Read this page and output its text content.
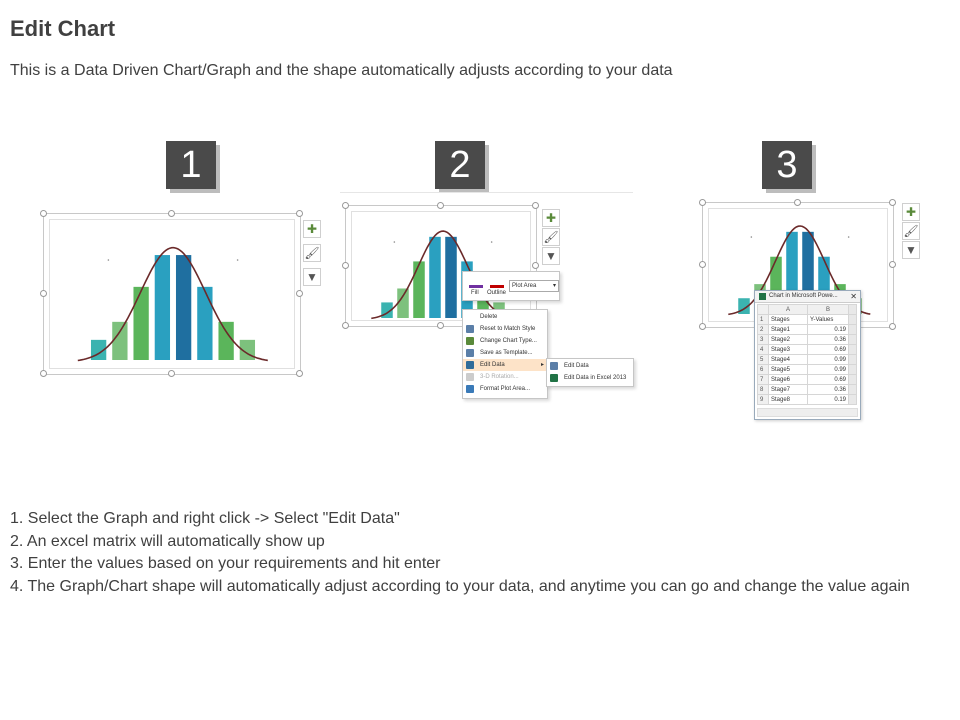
Edit Chart
This is a Data Driven Chart/Graph and the shape automatically adjusts according to your data
1
✚
🖌
▼
2
✚
🖌
▼
Fill Outline
Plot Area	▾
Delete
Reset to Match Style
Change Chart Type...
Save as Template...
Edit Data	▸
3-D Rotation...
Format Plot Area...
Edit Data
Edit Data in Excel 2013
3
✚
🖌
▼
Chart in Microsoft Powe... ✕
	A	B	
1	Stages	Y-Values	
2	Stage1	0.19	
3	Stage2	0.36	
4	Stage3	0.69	
5	Stage4	0.99	
6	Stage5	0.99	
7	Stage6	0.69	
8	Stage7	0.36	
9	Stage8	0.19	
1. Select the Graph and right click -> Select "Edit Data"
2. An excel matrix will automatically show up
3. Enter the values based on your requirements and hit enter
4. The Graph/Chart shape will automatically adjust according to your data, and anytime you can go and change the value again
